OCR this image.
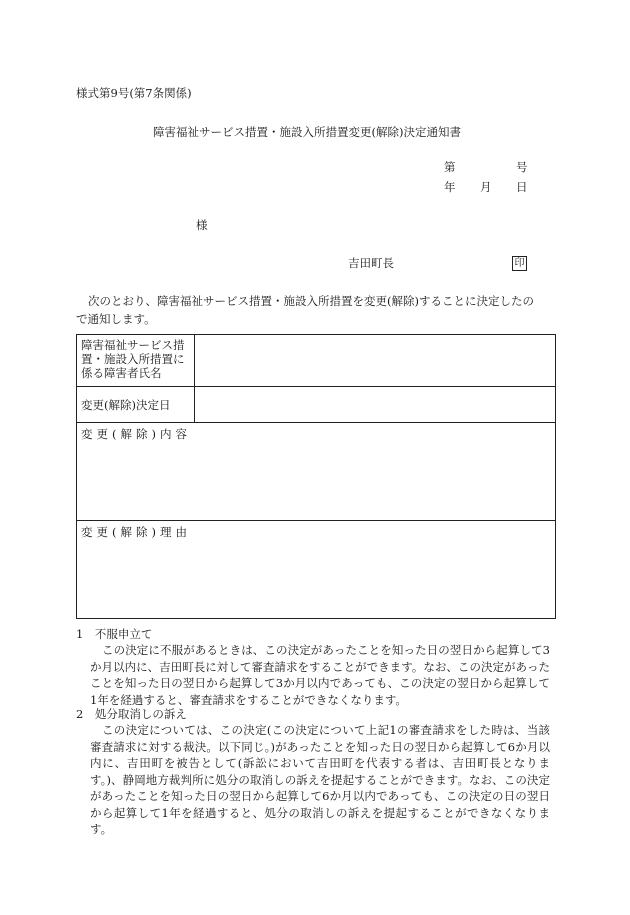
様式第9号(第7条関係)
障害福祉サービス措置・施設入所措置変更(解除)決定通知書
第	号
年 月 日
様
吉田町長	印
次のとおり、障害福祉サービス措置・施設入所措置を変更(解除)することに決定したの
で通知します。
障害福祉サービス措
置・施設入所措置に
係る障害者氏名	

変更(解除)決定日	
変更(解除)内容	
変更(解除)理由	
1　不服申立て
この決定に不服があるときは、この決定があったことを知った日の翌日から起算して3か月以内に、吉田町長に対して審査請求をすることができます。なお、この決定があったことを知った日の翌日から起算して3か月以内であっても、この決定の翌日から起算して1年を経過すると、審査請求をすることができなくなります。
2　処分取消しの訴え
この決定については、この決定(この決定について上記1の審査請求をした時は、当該審査請求に対する裁決。以下同じ。)があったことを知った日の翌日から起算して6か月以内に、吉田町を被告として(訴訟において吉田町を代表する者は、吉田町長となります。)、静岡地方裁判所に処分の取消しの訴えを提起することができます。なお、この決定があったことを知った日の翌日から起算して6か月以内であっても、この決定の日の翌日から起算して1年を経過すると、処分の取消しの訴えを提起することができなくなります。
